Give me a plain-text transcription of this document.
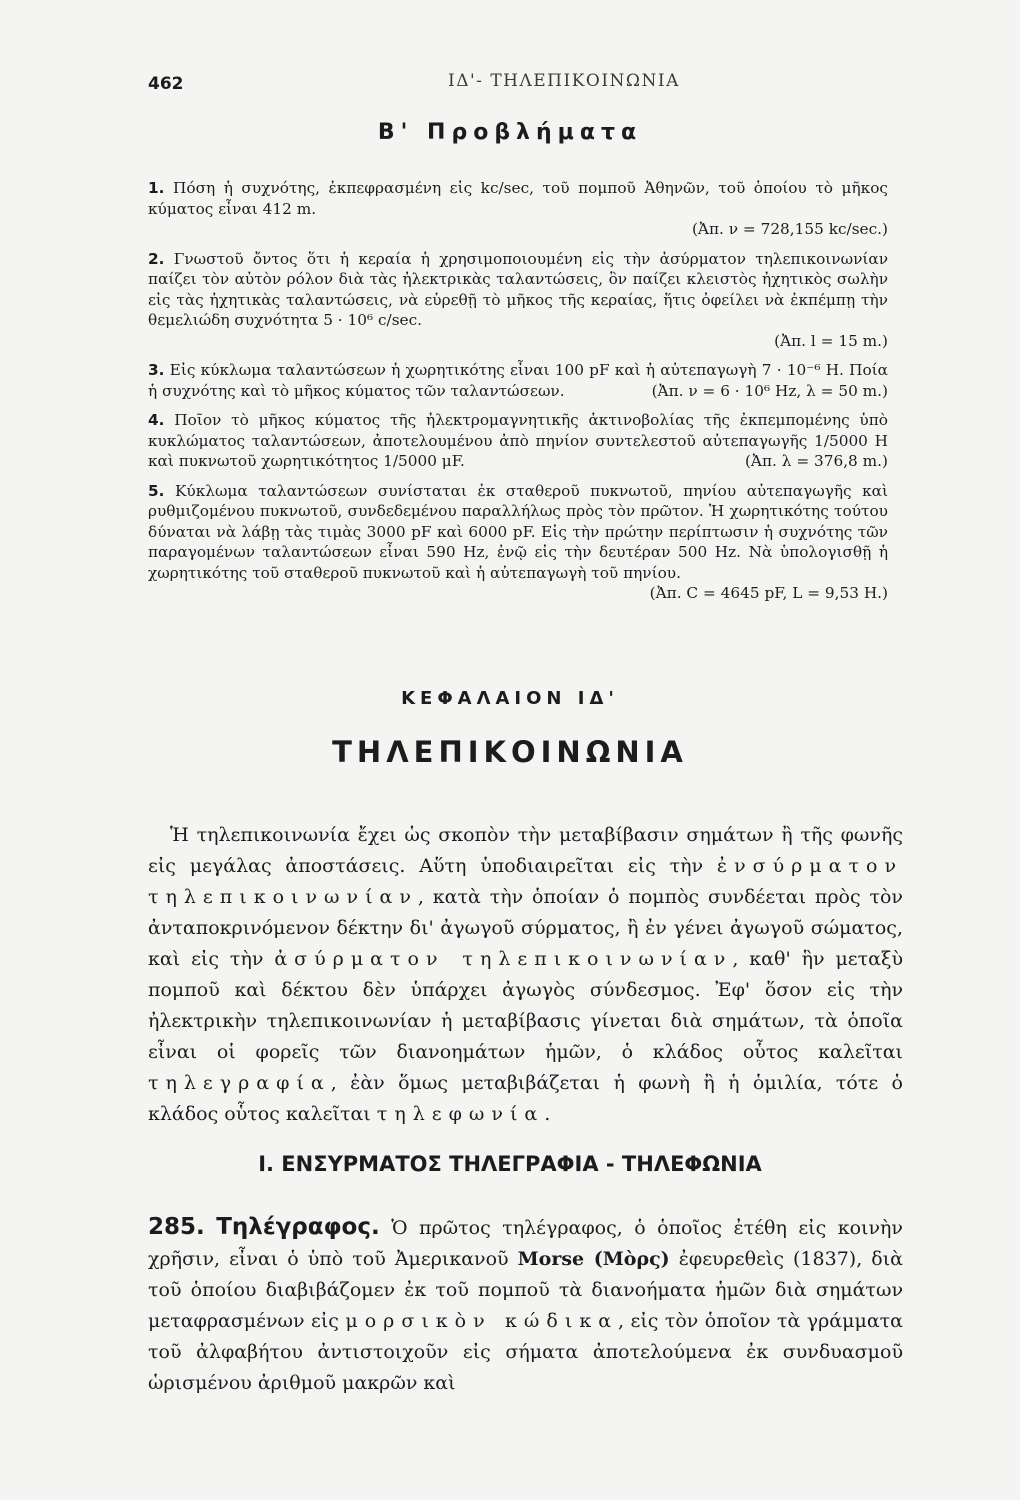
462	ΙΔ'- ΤΗΛΕΠΙΚΟΙΝΩΝΙΑ
Β' Προβλήματα
1. Πόση ἡ συχνότης, ἐκπεφρασμένη εἰς kc/sec, τοῦ πομποῦ Ἀθηνῶν, τοῦ ὁποίου τὸ μῆκος κύματος εἶναι 412 m.
(Ἀπ. ν = 728,155 kc/sec.)
2. Γνωστοῦ ὄντος ὅτι ἡ κεραία ἡ χρησιμοποιουμένη εἰς τὴν ἀσύρματον τηλεπικοινωνίαν παίζει τὸν αὐτὸν ρόλον διὰ τὰς ἠλεκτρικὰς ταλαντώσεις, ὃν παίζει κλειστὸς ἠχητικὸς σωλὴν εἰς τὰς ἠχητικὰς ταλαντώσεις, νὰ εὑρεθῇ τὸ μῆκος τῆς κεραίας, ἥτις ὀφείλει νὰ ἐκπέμπῃ τὴν θεμελιώδη συχνότητα 5 · 10⁶ c/sec.
(Ἀπ. l = 15 m.)
3. Εἰς κύκλωμα ταλαντώσεων ἡ χωρητικότης εἶναι 100 pF καὶ ἡ αὐτεπαγωγὴ 7 · 10⁻⁶ H. Ποία ἡ συχνότης καὶ τὸ μῆκος κύματος τῶν ταλαντώσεων.	(Ἀπ. ν = 6 · 10⁶ Hz, λ = 50 m.)
4. Ποῖον τὸ μῆκος κύματος τῆς ἠλεκτρομαγνητικῆς ἀκτινοβολίας τῆς ἐκπεμπομένης ὑπὸ κυκλώματος ταλαντώσεων, ἀποτελουμένου ἀπὸ πηνίον συντελεστοῦ αὐτεπαγωγῆς 1/5000 H καὶ πυκνωτοῦ χωρητικότητος 1/5000 μF.	(Ἀπ. λ = 376,8 m.)
5. Κύκλωμα ταλαντώσεων συνίσταται ἐκ σταθεροῦ πυκνωτοῦ, πηνίου αὐτεπαγωγῆς καὶ ρυθμιζομένου πυκνωτοῦ, συνδεδεμένου παραλλήλως πρὸς τὸν πρῶτον. Ἡ χωρητικότης τούτου δύναται νὰ λάβῃ τὰς τιμὰς 3000 pF καὶ 6000 pF. Εἰς τὴν πρώτην περίπτωσιν ἡ συχνότης τῶν παραγομένων ταλαντώσεων εἶναι 590 Hz, ἐνῷ εἰς τὴν δευτέραν 500 Hz. Νὰ ὑπολογισθῇ ἡ χωρητικότης τοῦ σταθεροῦ πυκνωτοῦ καὶ ἡ αὐτεπαγωγὴ τοῦ πηνίου.
(Ἀπ. C = 4645 pF, L = 9,53 H.)
ΚΕΦΑΛΑΙΟΝ ΙΔ'
ΤΗΛΕΠΙΚΟΙΝΩΝΙΑ
Ἡ τηλεπικοινωνία ἔχει ὡς σκοπὸν τὴν μεταβίβασιν σημάτων ἢ τῆς φωνῆς εἰς μεγάλας ἀποστάσεις. Αὕτη ὑποδιαιρεῖται εἰς τὴν ἐνσύρματον τηλεπικοινωνίαν, κατὰ τὴν ὁποίαν ὁ πομπὸς συνδέεται πρὸς τὸν ἀνταποκρινόμενον δέκτην δι' ἀγωγοῦ σύρματος, ἢ ἐν γένει ἀγωγοῦ σώματος, καὶ εἰς τὴν ἀσύρματον τηλεπικοινωνίαν, καθ' ἣν μεταξὺ πομποῦ καὶ δέκτου δὲν ὑπάρχει ἀγωγὸς σύνδεσμος. Ἐφ' ὅσον εἰς τὴν ἠλεκτρικὴν τηλεπικοινωνίαν ἡ μεταβίβασις γίνεται διὰ σημάτων, τὰ ὁποῖα εἶναι οἱ φορεῖς τῶν διανοημάτων ἡμῶν, ὁ κλάδος οὗτος καλεῖται τηλεγραφία, ἐὰν ὅμως μεταβιβάζεται ἡ φωνὴ ἢ ἡ ὁμιλία, τότε ὁ κλάδος οὗτος καλεῖται τηλεφωνία.
Ι. ΕΝΣΥΡΜΑΤΟΣ ΤΗΛΕΓΡΑΦΙΑ - ΤΗΛΕΦΩΝΙΑ
285. Τηλέγραφος. Ὁ πρῶτος τηλέγραφος, ὁ ὁποῖος ἐτέθη εἰς κοινὴν χρῆσιν, εἶναι ὁ ὑπὸ τοῦ Ἀμερικανοῦ Morse (Μὸρς) ἐφευρεθεὶς (1837), διὰ τοῦ ὁποίου διαβιβάζομεν ἐκ τοῦ πομποῦ τὰ διανοήματα ἡμῶν διὰ σημάτων μεταφρασμένων εἰς μορσικὸν κώδικα, εἰς τὸν ὁποῖον τὰ γράμματα τοῦ ἀλφαβήτου ἀντιστοιχοῦν εἰς σήματα ἀποτελούμενα ἐκ συνδυασμοῦ ὡρισμένου ἀριθμοῦ μακρῶν καὶ
